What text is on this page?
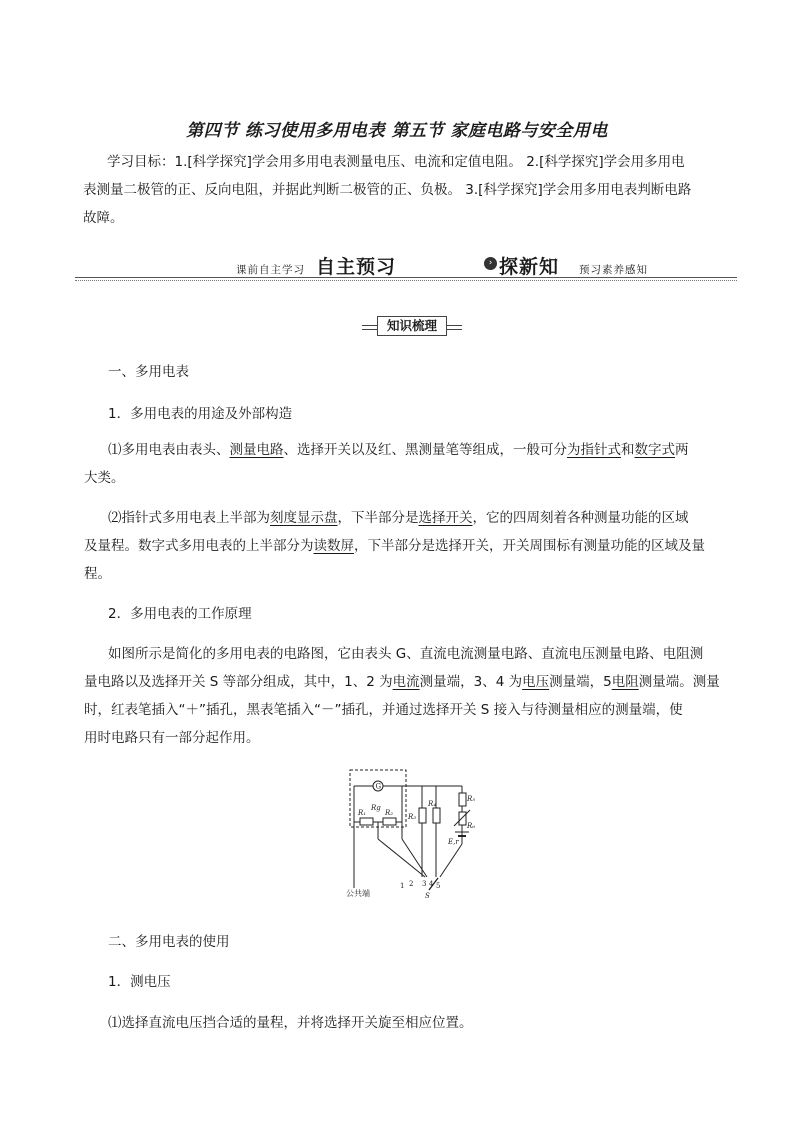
第四节 练习使用多用电表 第五节 家庭电路与安全用电
学习目标：1.[科学探究]学会用多用电表测量电压、电流和定值电阻。 2.[科学探究]学会用多用电
表测量二极管的正、反向电阻，并据此判断二极管的正、负极。 3.[科学探究]学会用多用电表判断电路
故障。
课前自主学习 自主预习	› 探新知 预习素养感知
知识梳理
一、多用电表
1．多用电表的用途及外部构造
⑴多用电表由表头、测量电路、选择开关以及红、黑测量笔等组成，一般可分为指针式和数字式两
大类。
⑵指针式多用电表上半部为刻度显示盘，下半部分是选择开关，它的四周刻着各种测量功能的区域
及量程。数字式多用电表的上半部分为读数屏，下半部分是选择开关，开关周围标有测量功能的区域及量
程。
2．多用电表的工作原理
如图所示是简化的多用电表的电路图，它由表头 G、直流电流测量电路、直流电压测量电路、电阻测
量电路以及选择开关 S 等部分组成，其中，1、2 为电流测量端，3、4 为电压测量端，5电阻测量端。测量
时，红表笔插入“＋”插孔，黑表笔插入“－”插孔，并通过选择开关 S 接入与待测量相应的测量端，使
用时电路只有一部分起作用。
G
R₁
Rg
R₂ R₃
R₄
R₅
R₆
E,r
1 2 3 4 5
S
公共端
二、多用电表的使用
1．测电压
⑴选择直流电压挡合适的量程，并将选择开关旋至相应位置。
